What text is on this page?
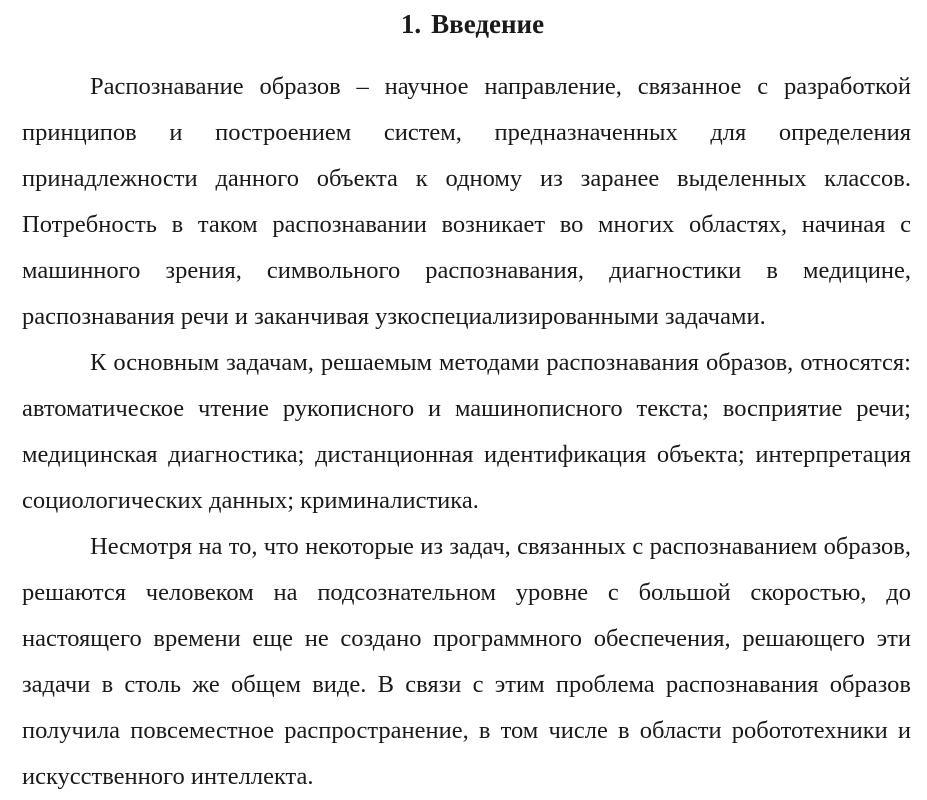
1. Введение

Распознавание образов – научное направление, связанное с разработкой принципов и построением систем, предназначенных для определения принадлежности данного объекта к одному из заранее выделенных классов. Потребность в таком распознавании возникает во многих областях, начиная с машинного зрения, символьного распознавания, диагностики в медицине, распознавания речи и заканчивая узкоспециализированными задачами.

К основным задачам, решаемым методами распознавания образов, относятся: автоматическое чтение рукописного и машинописного текста; восприятие речи; медицинская диагностика; дистанционная идентификация объекта; интерпретация социологических данных; криминалистика.

Несмотря на то, что некоторые из задач, связанных с распознаванием образов, решаются человеком на подсознательном уровне с большой скоростью, до настоящего времени еще не создано программного обеспечения, решающего эти задачи в столь же общем виде. В связи с этим проблема распознавания образов получила повсеместное распространение, в том числе в области робототехники и искусственного интеллекта.
